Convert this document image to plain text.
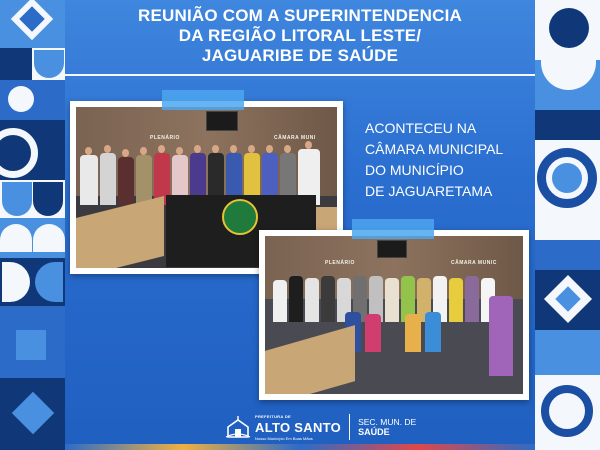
REUNIÃO COM A SUPERINTENDENCIA
DA REGIÃO LITORAL LESTE/
JAGUARIBE DE SAÚDE
PLENÁRIO	CÂMARA MUNI
ACONTECEU NA
CÂMARA MUNICIPAL
DO MUNICÍPIO
DE JAGUARETAMA
PLENÁRIO	CÂMARA MUNIC
PREFEITURA DE
ALTO SANTO
Nosso Município Em Boas Mãos
SEC. MUN. DE
SAÚDE
